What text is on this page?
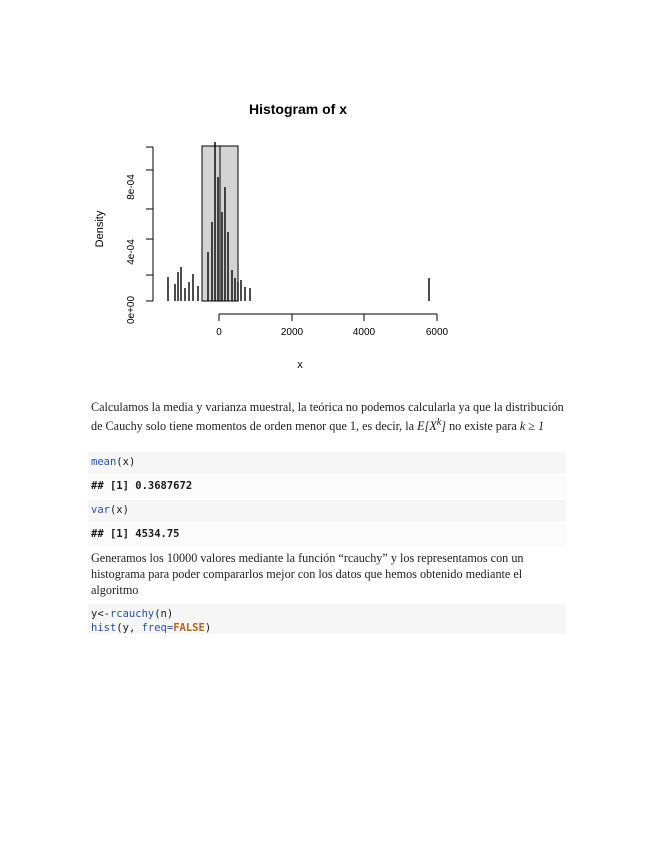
Histogram of x
Density
x
8e-04
4e-04
0e+00
0	2000	4000	6000

Calculamos la media y varianza muestral, la teórica no podemos calcularla ya que la distribución de Cauchy solo tiene momentos de orden menor que 1, es decir, la $E[X^k]$ no existe para k ≥ 1

mean(x)
## [1] 0.3687672
var(x)
## [1] 4534.75

Generamos los 10000 valores mediante la función “rcauchy” y los representamos con un histograma para poder compararlos mejor con los datos que hemos obtenido mediante el algoritmo

y<-rcauchy(n)
hist(y, freq=FALSE)
